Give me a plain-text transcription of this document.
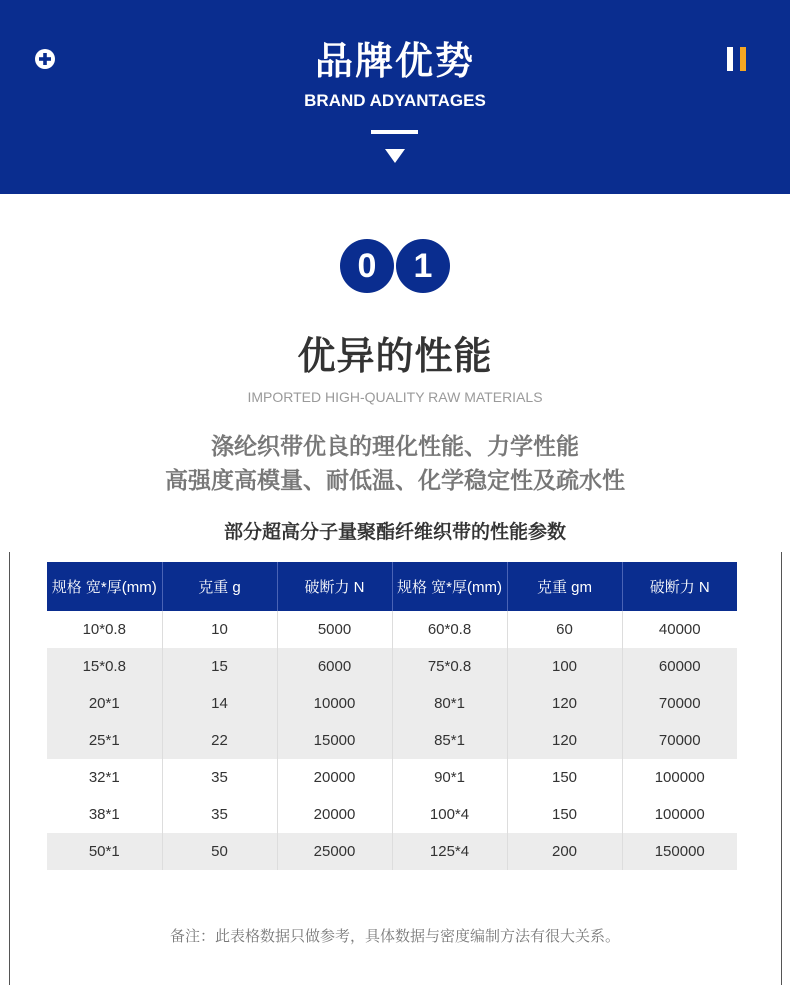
品牌优势
BRAND ADYANTAGES
0	1
优异的性能
IMPORTED HIGH-QUALITY RAW MATERIALS
涤纶织带优良的理化性能、力学性能
高强度高模量、耐低温、化学稳定性及疏水性
部分超高分子量聚酯纤维织带的性能参数
规格 宽*厚(mm)	克重 g	破断力 N	规格 宽*厚(mm)	克重 gm	破断力 N
10*0.8	10	5000	60*0.8	60	40000
15*0.8	15	6000	75*0.8	100	60000
20*1	14	10000	80*1	120	70000
25*1	22	15000	85*1	120	70000
32*1	35	20000	90*1	150	100000
38*1	35	20000	100*4	150	100000
50*1	50	25000	125*4	200	150000
备注：此表格数据只做参考，具体数据与密度编制方法有很大关系。
